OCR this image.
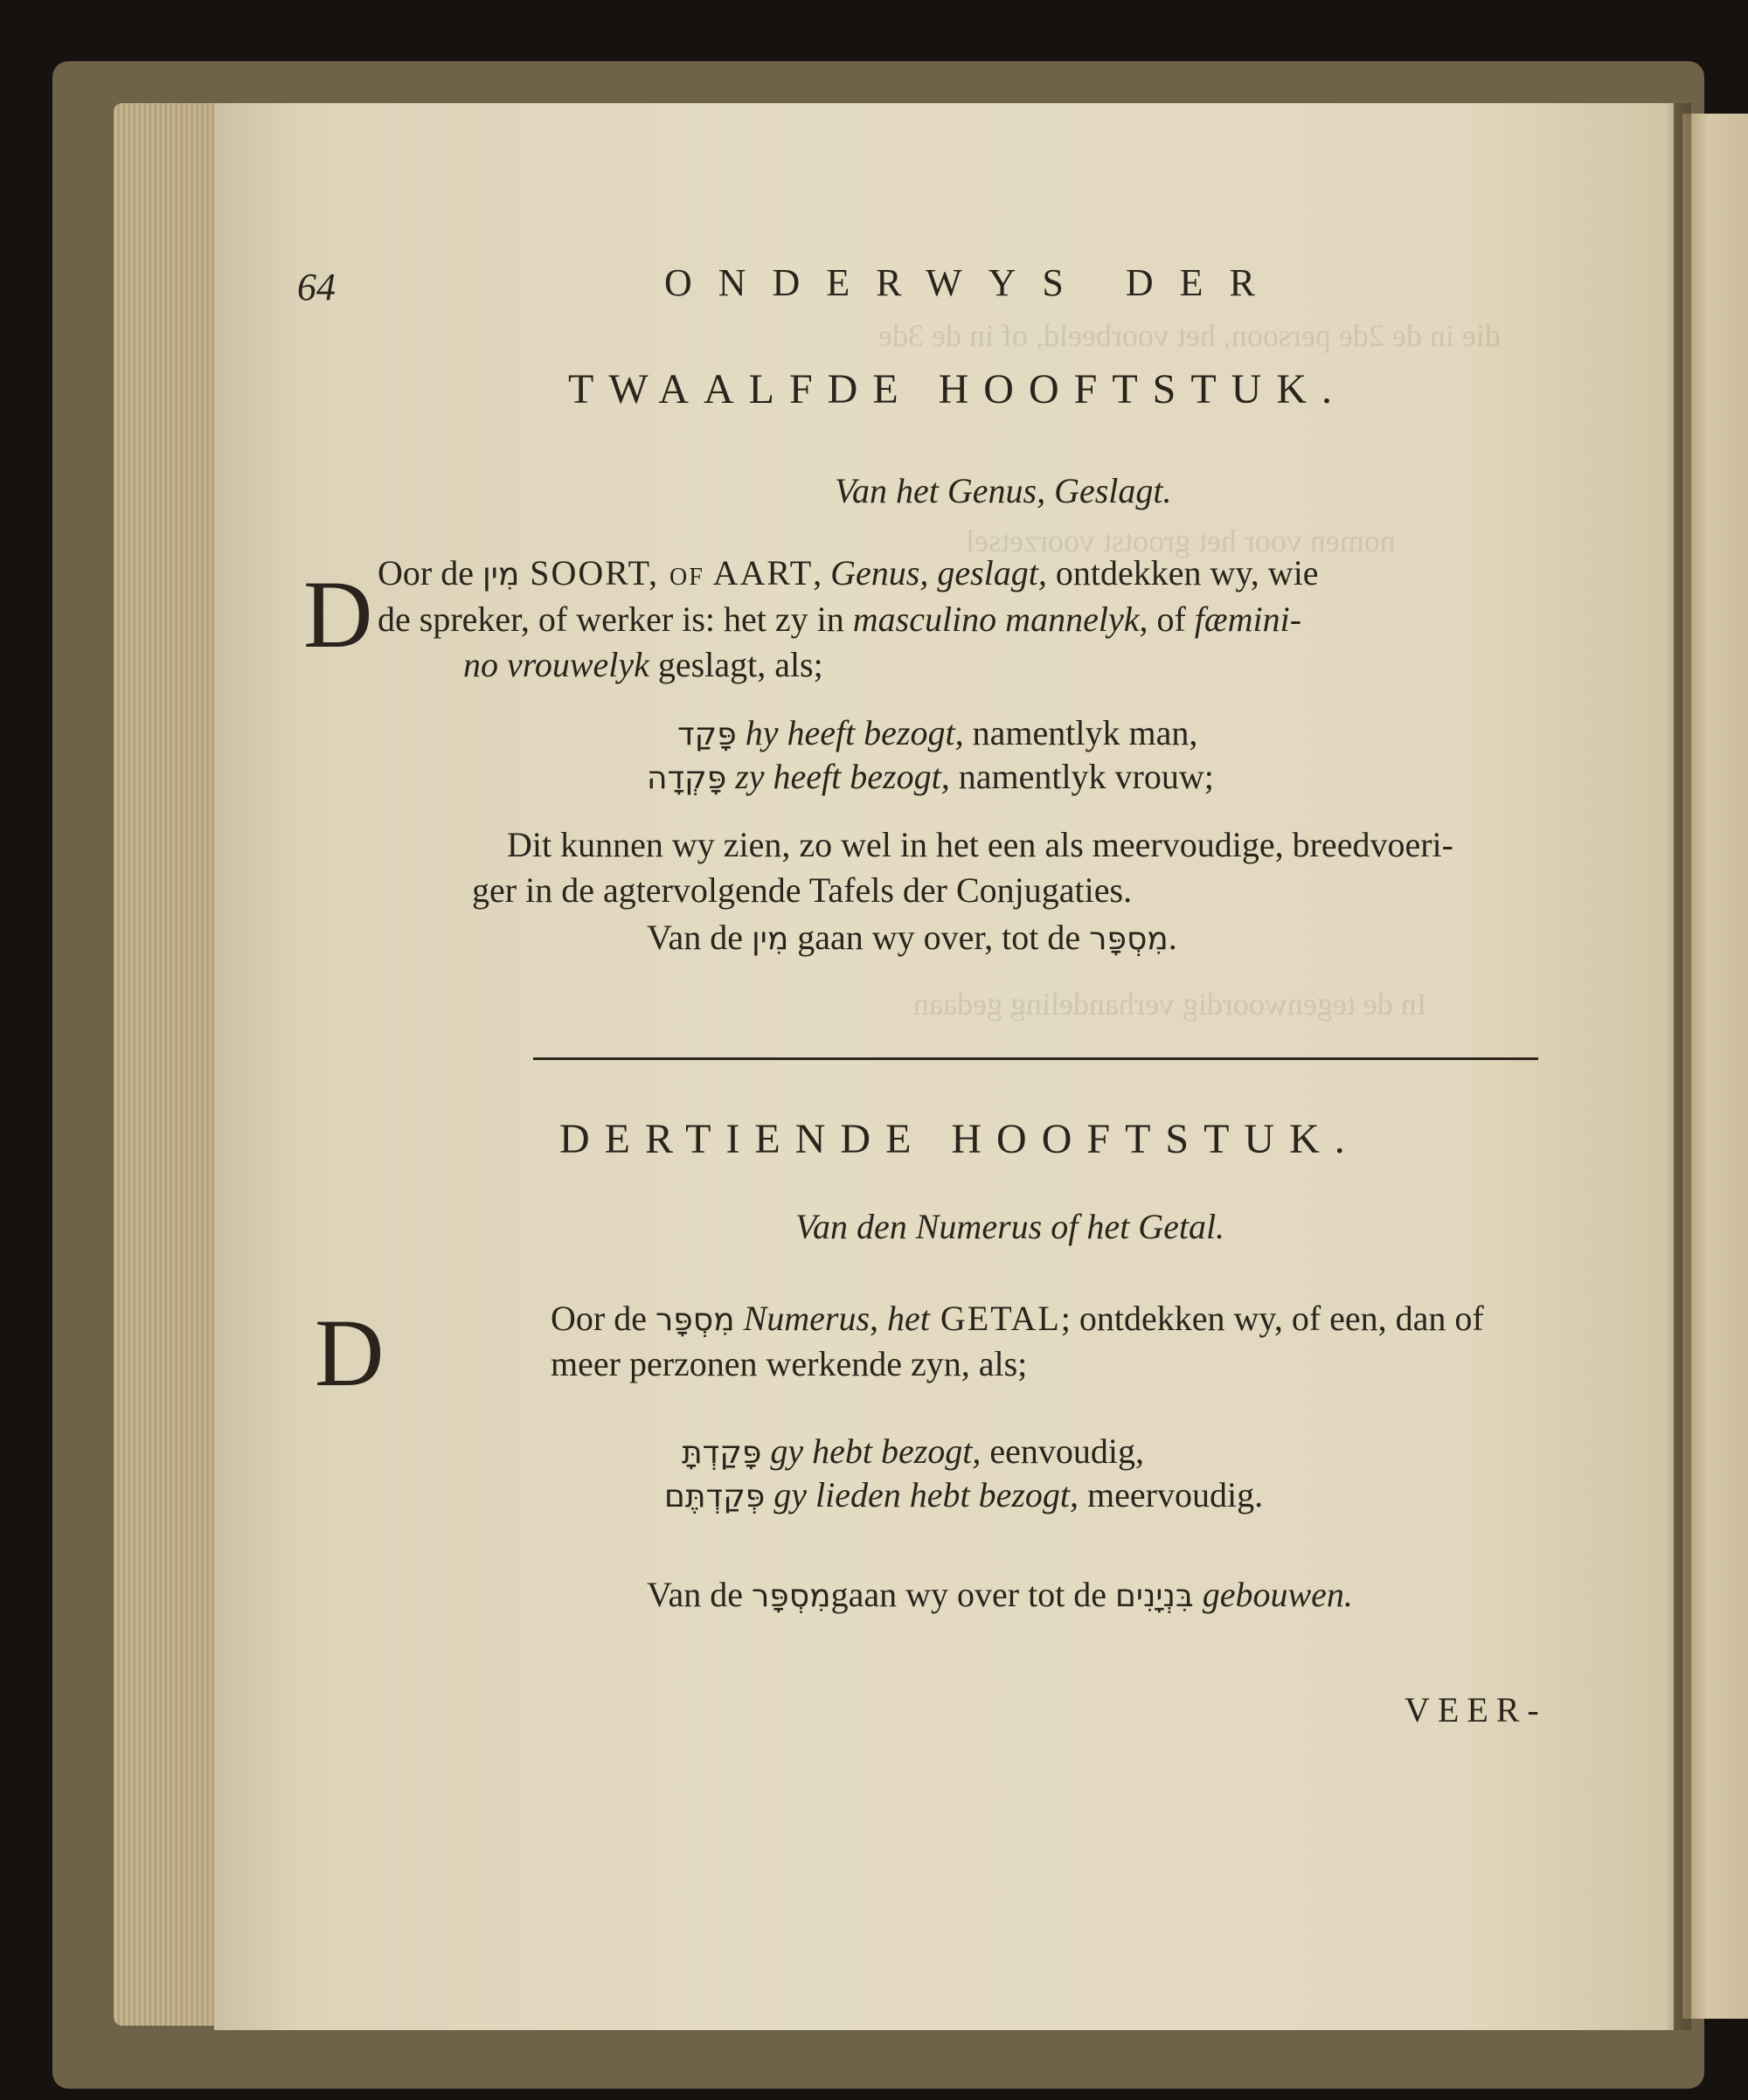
die in de 2de persoon, het voorbeeld, of in de 3de
nomen voor het grootst voorzetsel
In de tegenwoordig verhandeling gedaan
64	ONDERWYS DER
TWAALFDE HOOFTSTUK.
Van het Genus, Geslagt.
D Oor de מִין SOORT, of AART, Genus, geslagt, ontdekken wy, wie
de spreker, of werker is: het zy in masculino mannelyk, of fæmini-
no vrouwelyk geslagt, als;
פָּקַד hy heeft bezogt, namentlyk man,
פָּקְדָה zy heeft bezogt, namentlyk vrouw;
Dit kunnen wy zien, zo wel in het een als meervoudige, breedvoeri-
ger in de agtervolgende Tafels der Conjugaties.
Van de מִין gaan wy over, tot de מִסְפָּר.
DERTIENDE HOOFTSTUK.
Van den Numerus of het Getal.
D	Oor de מִסְפָּר Numerus, het GETAL; ontdekken wy, of een, dan of
meer perzonen werkende zyn, als;
פָּקַדְתָּ gy hebt bezogt, eenvoudig,
פְּקַדְתֶּם gy lieden hebt bezogt, meervoudig.
Van de מִסְפָּרgaan wy over tot de בִּנְיָנִים gebouwen.
VEER-
